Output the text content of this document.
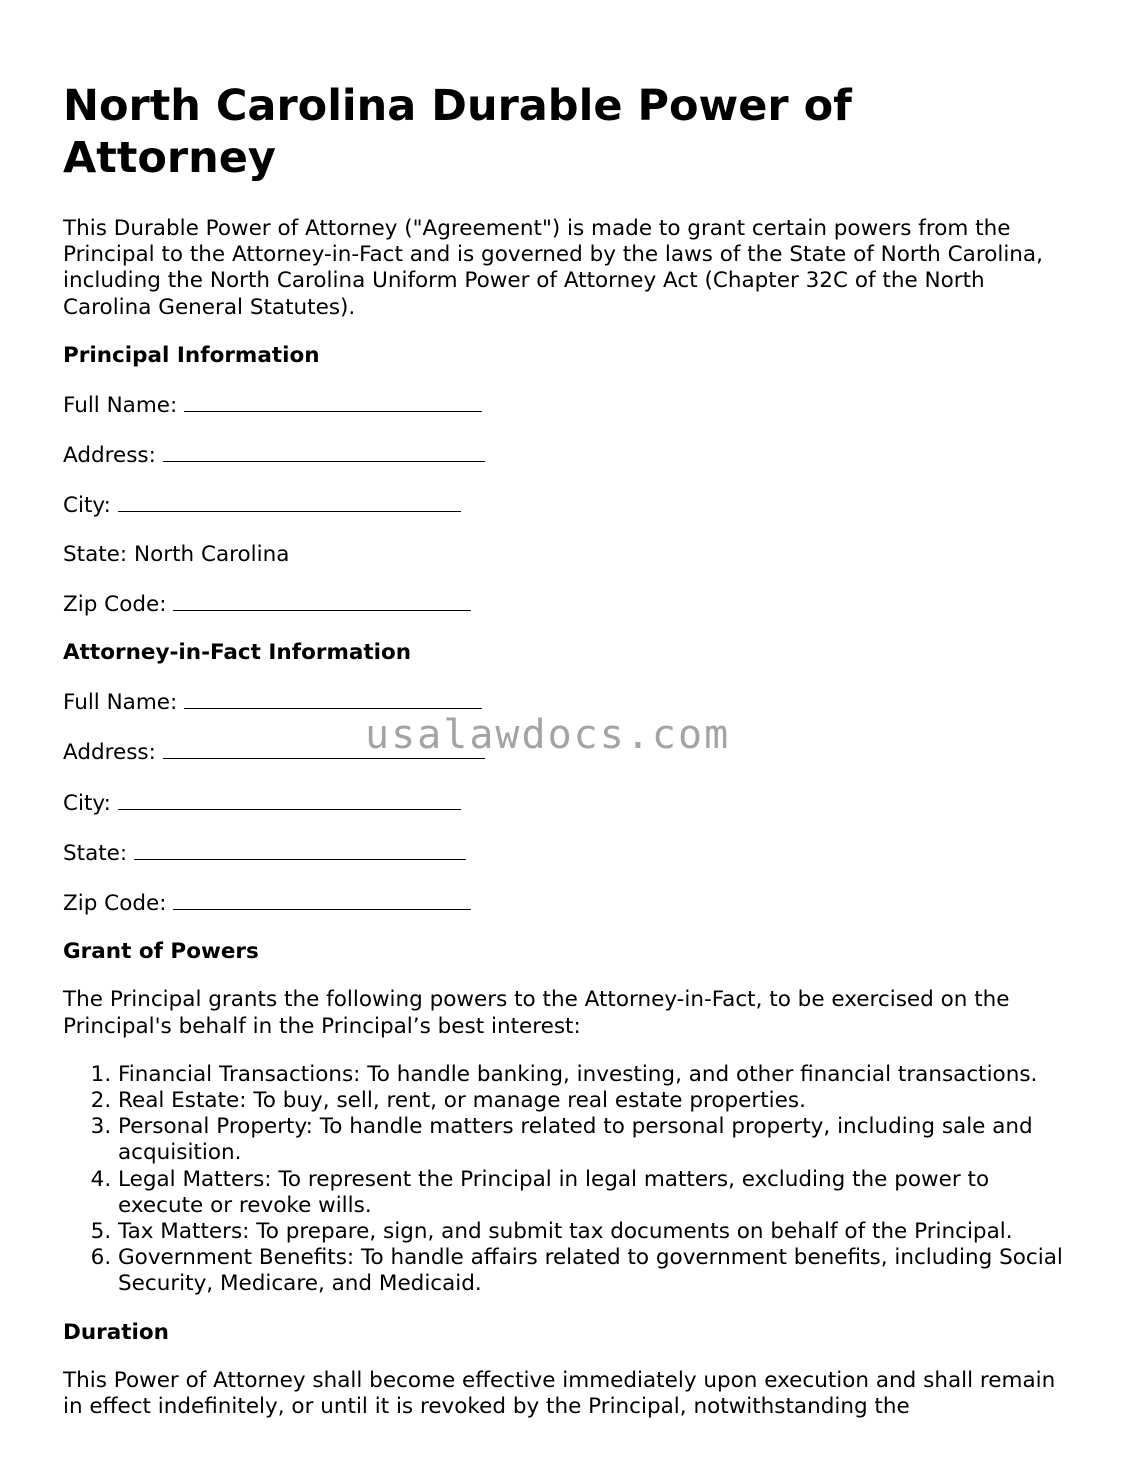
North Carolina Durable Power of Attorney

This Durable Power of Attorney ("Agreement") is made to grant certain powers from the Principal to the Attorney-in-Fact and is governed by the laws of the State of North Carolina, including the North Carolina Uniform Power of Attorney Act (Chapter 32C of the North Carolina General Statutes).

Principal Information
Full Name:
Address:
City:
State: North Carolina
Zip Code:
Attorney-in-Fact Information
Full Name:
Address:
City:
State:
Zip Code:
Grant of Powers

The Principal grants the following powers to the Attorney-in-Fact, to be exercised on the Principal's behalf in the Principal’s best interest:

1. Financial Transactions: To handle banking, investing, and other financial transactions.
2. Real Estate: To buy, sell, rent, or manage real estate properties.
3. Personal Property: To handle matters related to personal property, including sale and acquisition.
4. Legal Matters: To represent the Principal in legal matters, excluding the power to execute or revoke wills.
5. Tax Matters: To prepare, sign, and submit tax documents on behalf of the Principal.
6. Government Benefits: To handle affairs related to government benefits, including Social Security, Medicare, and Medicaid.
Duration

This Power of Attorney shall become effective immediately upon execution and shall remain in effect indefinitely, or until it is revoked by the Principal, notwithstanding the

usalawdocs.com
